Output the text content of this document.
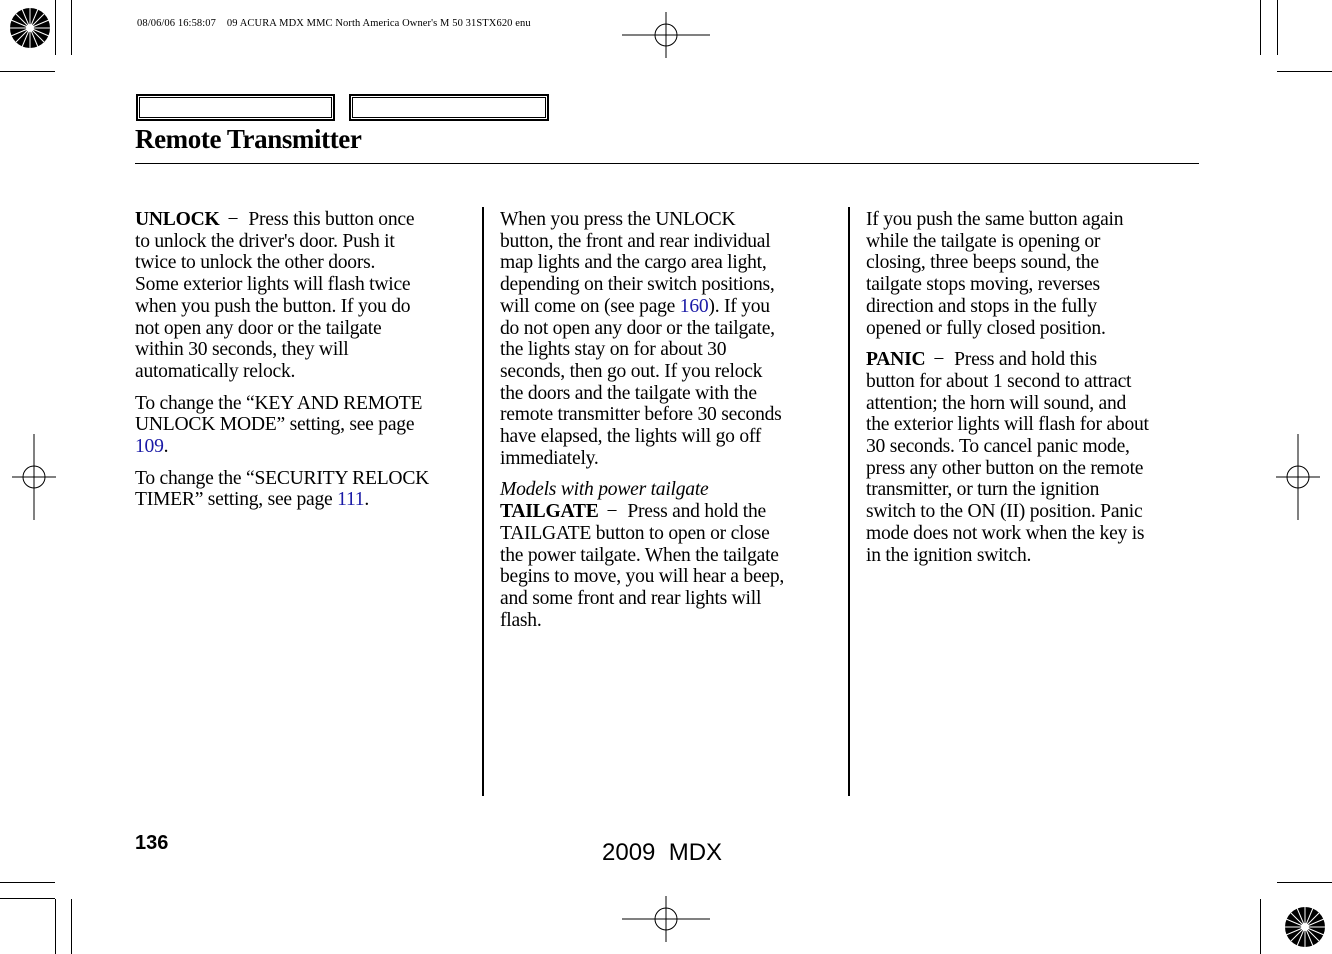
08/06/06 16:58:07    09 ACURA MDX MMC North America Owner's M 50 31STX620 enu
Remote Transmitter

UNLOCK − Press this button once
to unlock the driver's door. Push it
twice to unlock the other doors.
Some exterior lights will flash twice
when you push the button. If you do
not open any door or the tailgate
within 30 seconds, they will
automatically relock.

To change the “KEY AND REMOTE
UNLOCK MODE” setting, see page
109.

To change the “SECURITY RELOCK
TIMER” setting, see page 111.

When you press the UNLOCK
button, the front and rear individual
map lights and the cargo area light,
depending on their switch positions,
will come on (see page 160). If you
do not open any door or the tailgate,
the lights stay on for about 30
seconds, then go out. If you relock
the doors and the tailgate with the
remote transmitter before 30 seconds
have elapsed, the lights will go off
immediately.

Models with power tailgate
TAILGATE − Press and hold the
TAILGATE button to open or close
the power tailgate. When the tailgate
begins to move, you will hear a beep,
and some front and rear lights will
flash.

If you push the same button again
while the tailgate is opening or
closing, three beeps sound, the
tailgate stops moving, reverses
direction and stops in the fully
opened or fully closed position.

PANIC − Press and hold this
button for about 1 second to attract
attention; the horn will sound, and
the exterior lights will flash for about
30 seconds. To cancel panic mode,
press any other button on the remote
transmitter, or turn the ignition
switch to the ON (II) position. Panic
mode does not work when the key is
in the ignition switch.

136	2009  MDX
